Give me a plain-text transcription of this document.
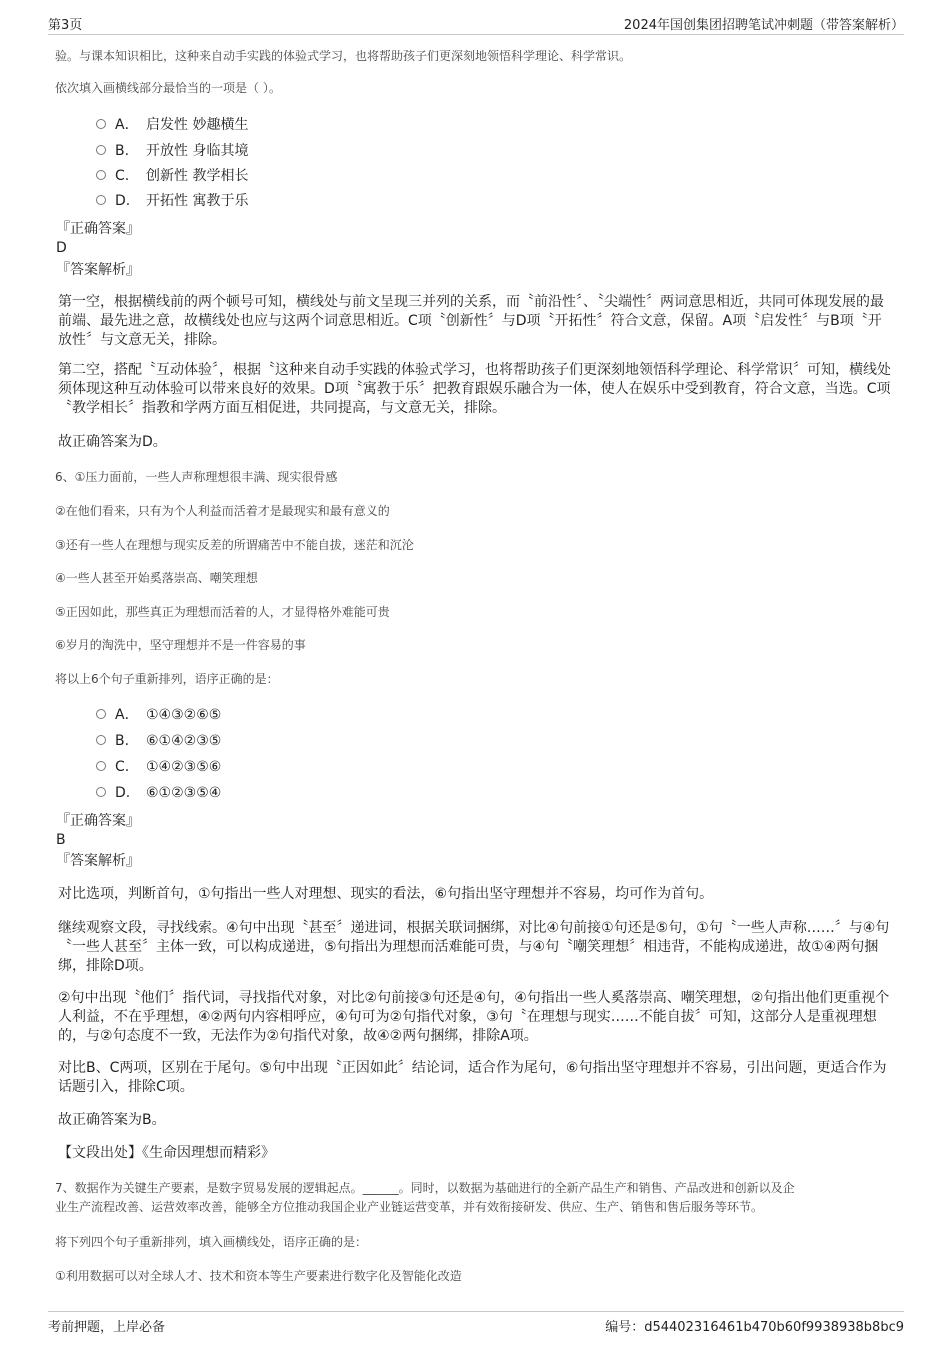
第3页	2024年国创集团招聘笔试冲刺题（带答案解析）
验。与课本知识相比，这种来自动手实践的体验式学习，也将帮助孩子们更深刻地领悟科学理论、科学常识。
依次填入画横线部分最恰当的一项是（ ）。
A． 启发性 妙趣横生
B. 开放性 身临其境
C. 创新性 教学相长
D. 开拓性 寓教于乐
『正确答案』
D
『答案解析』
第一空，根据横线前的两个顿号可知，横线处与前文呈现三并列的关系，而〝前沿性〞、〝尖端性〞两词意思相近，共同可体现发展的最前端、最先进之意，故横线处也应与这两个词意思相近。C项〝创新性〞与D项〝开拓性〞符合文意，保留。A项〝启发性〞与B项〝开放性〞与文意无关，排除。
第二空，搭配〝互动体验〞，根据〝这种来自动手实践的体验式学习，也将帮助孩子们更深刻地领悟科学理论、科学常识〞可知，横线处须体现这种互动体验可以带来良好的效果。D项〝寓教于乐〞把教育跟娱乐融合为一体，使人在娱乐中受到教育，符合文意，当选。C项〝教学相长〞指教和学两方面互相促进，共同提高，与文意无关，排除。
故正确答案为D。
6、①压力面前，一些人声称理想很丰满、现实很骨感
②在他们看来，只有为个人利益而活着才是最现实和最有意义的
③还有一些人在理想与现实反差的所谓痛苦中不能自拔，迷茫和沉沦
④一些人甚至开始奚落崇高、嘲笑理想
⑤正因如此，那些真正为理想而活着的人，才显得格外难能可贵
⑥岁月的淘洗中，坚守理想并不是一件容易的事
将以上6个句子重新排列，语序正确的是：
A． ①④③②⑥⑤
B. ⑥①④②③⑤
C. ①④②③⑤⑥
D. ⑥①②③⑤④
『正确答案』
B
『答案解析』
对比选项，判断首句，①句指出一些人对理想、现实的看法，⑥句指出坚守理想并不容易，均可作为首句。
继续观察文段，寻找线索。④句中出现〝甚至〞递进词，根据关联词捆绑，对比④句前接①句还是⑤句，①句〝一些人声称……〞与④句〝一些人甚至〞主体一致，可以构成递进，⑤句指出为理想而活难能可贵，与④句〝嘲笑理想〞相违背，不能构成递进，故①④两句捆绑，排除D项。
②句中出现〝他们〞指代词，寻找指代对象，对比②句前接③句还是④句，④句指出一些人奚落崇高、嘲笑理想，②句指出他们更重视个人利益，不在乎理想，④②两句内容相呼应，④句可为②句指代对象，③句〝在理想与现实……不能自拔〞可知，这部分人是重视理想的，与②句态度不一致，无法作为②句指代对象，故④②两句捆绑，排除A项。
对比B、C两项，区别在于尾句。⑤句中出现〝正因如此〞结论词，适合作为尾句，⑥句指出坚守理想并不容易，引出问题，更适合作为话题引入，排除C项。
故正确答案为B。
【文段出处】《生命因理想而精彩》
7、数据作为关键生产要素，是数字贸易发展的逻辑起点。______。同时，以数据为基础进行的全新产品生产和销售、产品改进和创新以及企
业生产流程改善、运营效率改善，能够全方位推动我国企业产业链运营变革，并有效衔接研发、供应、生产、销售和售后服务等环节。
将下列四个句子重新排列，填入画横线处，语序正确的是：
①利用数据可以对全球人才、技术和资本等生产要素进行数字化及智能化改造
考前押题，上岸必备	编号：d54402316461b470b60f9938938b8bc9
